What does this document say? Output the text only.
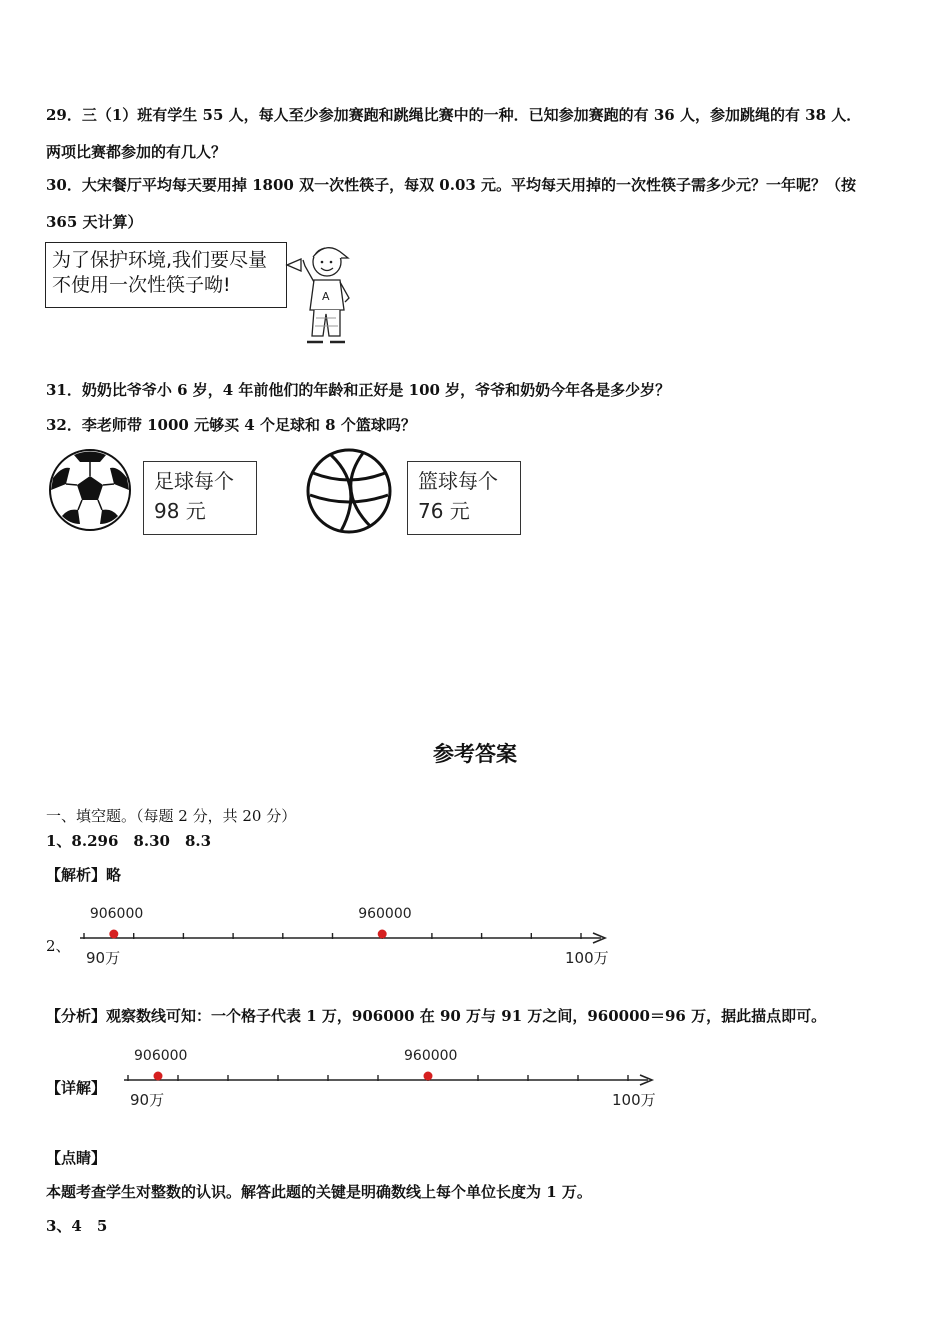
29．三（1）班有学生 55 人，每人至少参加赛跑和跳绳比赛中的一种．已知参加赛跑的有 36 人，参加跳绳的有 38 人．
两项比赛都参加的有几人？
30．大宋餐厅平均每天要用掉 1800 双一次性筷子，每双 0.03 元。平均每天用掉的一次性筷子需多少元？一年呢？（按
365 天计算）
为了保护环境,我们要尽量
不使用一次性筷子呦!
A
31．奶奶比爷爷小 6 岁，4 年前他们的年龄和正好是 100 岁，爷爷和奶奶今年各是多少岁？
32．李老师带 1000 元够买 4 个足球和 8 个篮球吗？
足球每个
98 元
篮球每个
76 元
参考答案
一、填空题。（每题 2 分，共 20 分）
1、8.296　8.30　8.3
【解析】略
2、
90万	100万
906000	960000
【分析】观察数线可知：一个格子代表 1 万，906000 在 90 万与 91 万之间，960000＝96 万，据此描点即可。
【详解】
90万	100万
906000	960000
【点睛】
本题考查学生对整数的认识。解答此题的关键是明确数线上每个单位长度为 1 万。
3、4　5
